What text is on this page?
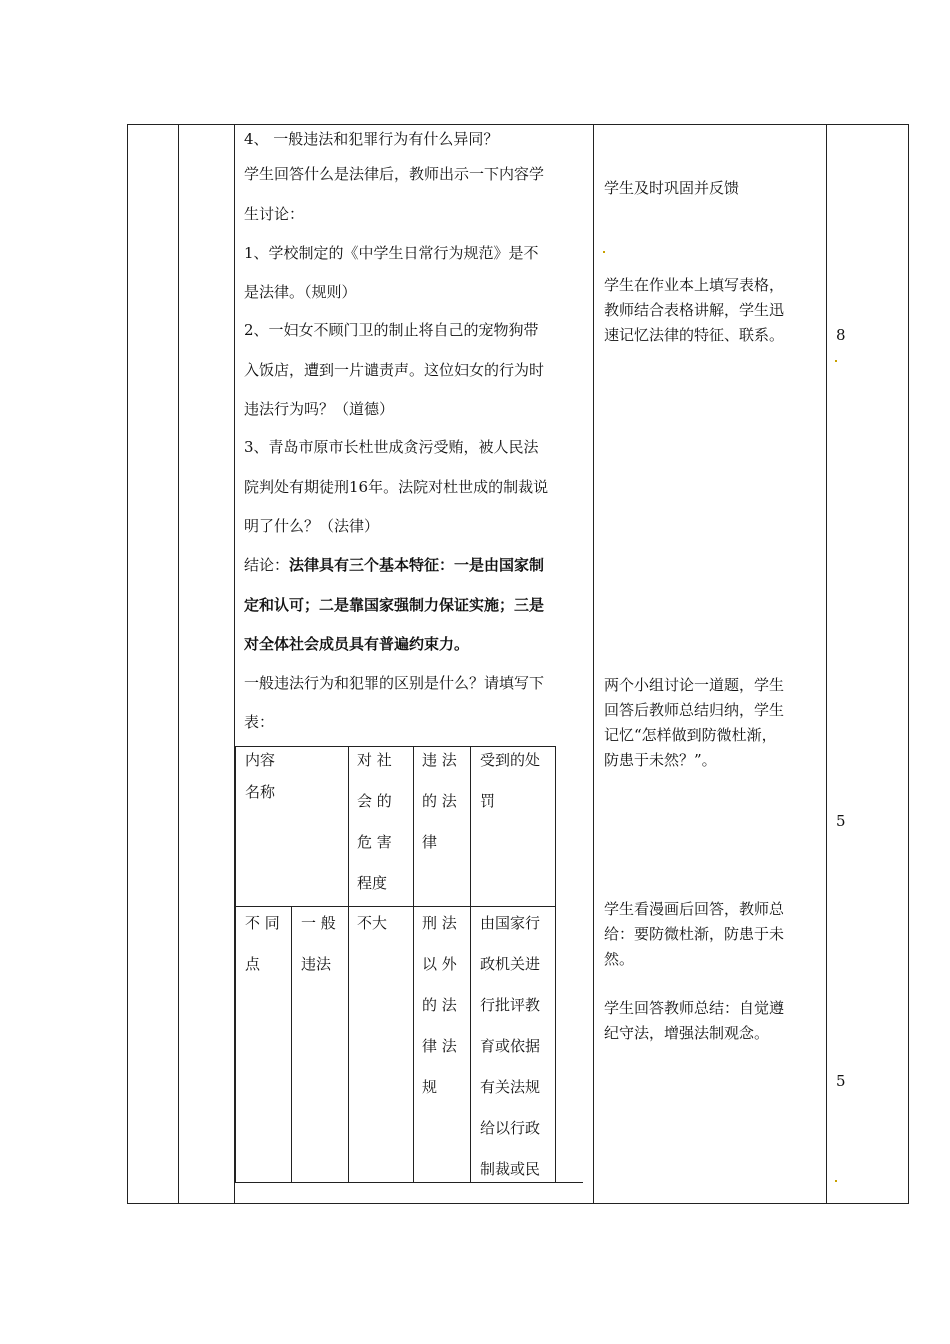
4、 一般违法和犯罪行为有什么异同？
学生回答什么是法律后，教师出示一下内容学
生讨论：
1、学校制定的《中学生日常行为规范》是不
是法律。（规则）
2、一妇女不顾门卫的制止将自己的宠物狗带
入饭店，遭到一片谴责声。这位妇女的行为时
违法行为吗？（道德）
3、青岛市原市长杜世成贪污受贿，被人民法
院判处有期徒刑16年。法院对杜世成的制裁说
明了什么？（法律）
结论：法律具有三个基本特征：一是由国家制
定和认可；二是靠国家强制力保证实施；三是
对全体社会成员具有普遍约束力。
一般违法行为和犯罪的区别是什么？请填写下
表：
内容
名称
对 社
会 的
危 害
程度
违 法
的 法
律
受到的处
罚
不 同
点
一 般
违法
不大 刑 法
以 外
的 法
律 法
规
由国家行
政机关进
行批评教
育或依据
有关法规
给以行政
制裁或民
学生及时巩固并反馈
学生在作业本上填写表格，
教师结合表格讲解，学生迅
速记忆法律的特征、联系。
两个小组讨论一道题，学生
回答后教师总结归纳，学生
记忆“怎样做到防微杜渐，
防患于未然？”。
学生看漫画后回答，教师总
给：要防微杜渐，防患于未
然。
学生回答教师总结：自觉遵
纪守法，增强法制观念。
8
5
5
